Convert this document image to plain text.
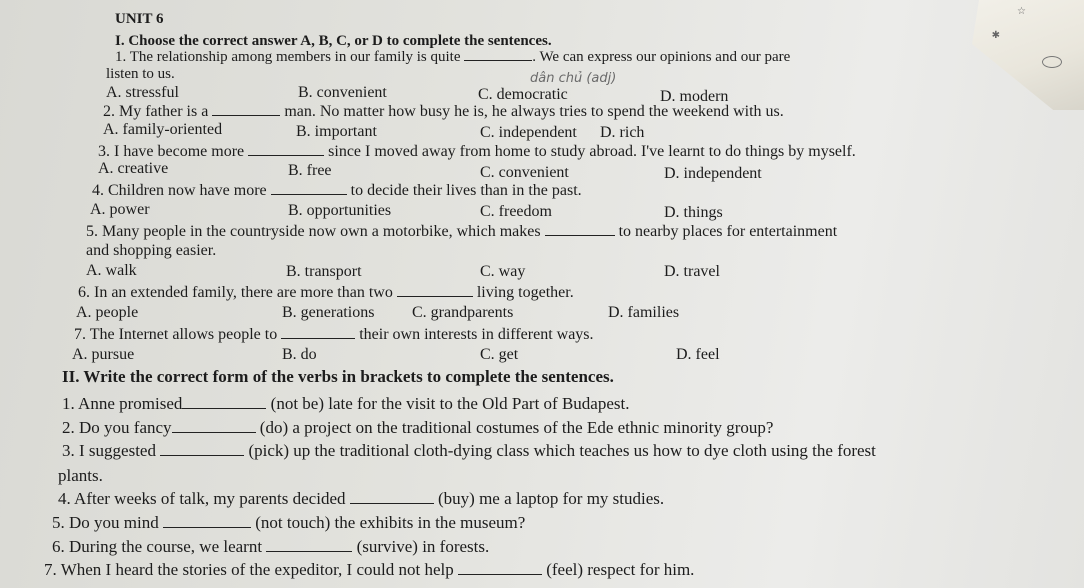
☆
✱
UNIT 6
I. Choose the correct answer A, B, C, or D to complete the sentences.
1. The relationship among members in our family is quite	. We can express our opinions and our pare
listen to us.
A. stressful	B. convenient	C. democratic	D. modern
dân chủ (adj)
2. My father is a	man. No matter how busy he is, he always tries to spend the weekend with us.
A. family-oriented	B. important	C. independent D. rich
3. I have become more	since I moved away from home to study abroad. I've learnt to do things by myself.
A. creative	B. free	C. convenient	D. independent
4. Children now have more	to decide their lives than in the past.
A. power	B. opportunities	C. freedom	D. things
5. Many people in the countryside now own a motorbike, which makes	to nearby places for entertainment
and shopping easier.
A. walk	B. transport	C. way	D. travel
6. In an extended family, there are more than two	living together.
A. people	B. generations C. grandparents	D. families
7. The Internet allows people to	their own interests in different ways.
A. pursue	B. do	C. get	D. feel
II. Write the correct form of the verbs in brackets to complete the sentences.
1. Anne promised	(not be) late for the visit to the Old Part of Budapest.
2. Do you fancy	(do) a project on the traditional costumes of the Ede ethnic minority group?
3. I suggested	(pick) up the traditional cloth-dying class which teaches us how to dye cloth using the forest
plants.
4. After weeks of talk, my parents decided	(buy) me a laptop for my studies.
5. Do you mind	(not touch) the exhibits in the museum?
6. During the course, we learnt	(survive) in forests.
7. When I heard the stories of the expeditor, I could not help	(feel) respect for him.
